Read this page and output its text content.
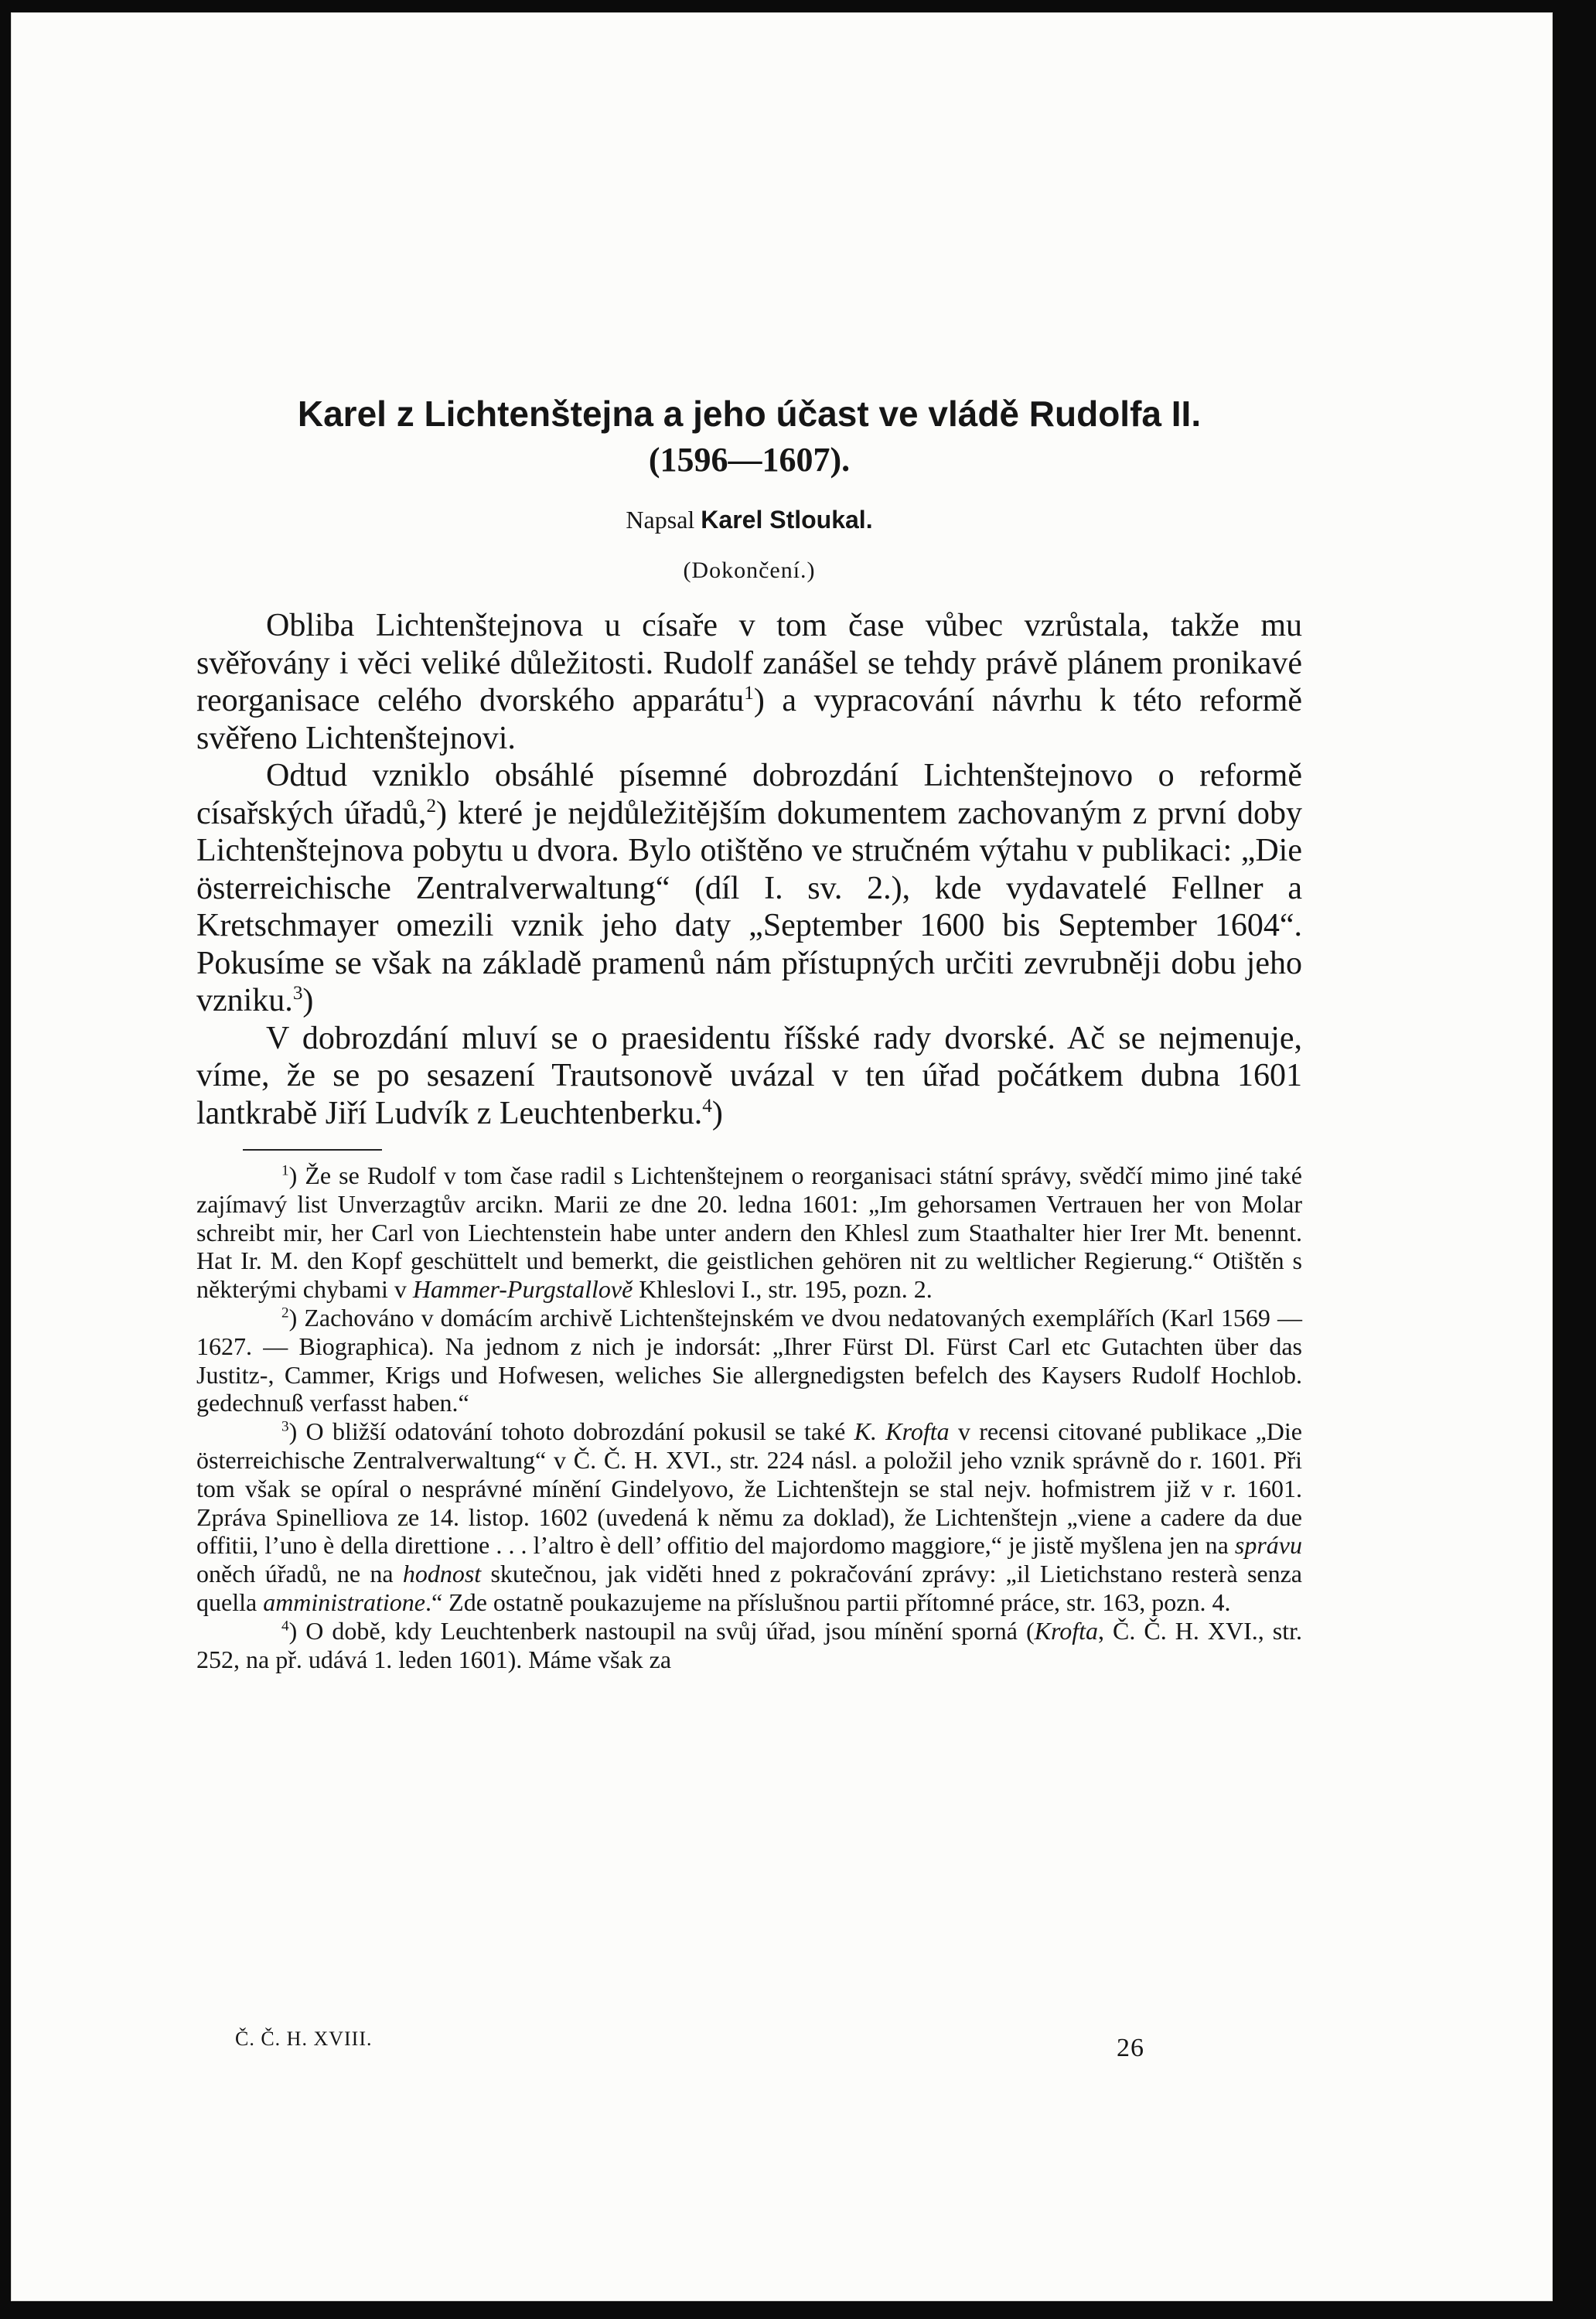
Karel z Lichtenštejna a jeho účast ve vládě Rudolfa II.
(1596—1607).
Napsal Karel Stloukal.
(Dokončení.)

Obliba Lichtenštejnova u císaře v tom čase vůbec vzrůstala, takže mu svěřovány i věci veliké důležitosti. Rudolf zanášel se tehdy právě plánem pronikavé reorganisace celého dvorského apparátu$^1$) a vypracování návrhu k této reformě svěřeno Lichtenštejnovi.

Odtud vzniklo obsáhlé písemné dobrozdání Lichtenštejnovo o reformě císařských úřadů,$^2$) které je nejdůležitějším dokumentem zachovaným z první doby Lichtenštejnova pobytu u dvora. Bylo otištěno ve stručném výtahu v publikaci: „Die österreichische Zentralverwaltung“ (díl I. sv. 2.), kde vydavatelé Fellner a Kretschmayer omezili vznik jeho daty „September 1600 bis September 1604“. Pokusíme se však na základě pramenů nám přístupných určiti zevrubněji dobu jeho vzniku.$^3$)

V dobrozdání mluví se o praesidentu říšské rady dvorské. Ač se nejmenuje, víme, že se po sesazení Trautsonově uvázal v ten úřad počátkem dubna 1601 lantkrabě Jiří Ludvík z Leuchtenberku.$^4$)

$^1$) Že se Rudolf v tom čase radil s Lichtenštejnem o reorganisaci státní správy, svědčí mimo jiné také zajímavý list Unverzagtův arcikn. Marii ze dne 20. ledna 1601: „Im gehorsamen Vertrauen her von Molar schreibt mir, her Carl von Liechtenstein habe unter andern den Khlesl zum Staathalter hier Irer Mt. benennt. Hat Ir. M. den Kopf geschüttelt und bemerkt, die geistlichen gehören nit zu weltlicher Regierung.“ Otištěn s některými chybami v Hammer-Purgstallově Khleslovi I., str. 195, pozn. 2.

$^2$) Zachováno v domácím archivě Lichtenštejnském ve dvou nedatovaných exemplářích (Karl 1569 — 1627. — Biographica). Na jednom z nich je indorsát: „Ihrer Fürst Dl. Fürst Carl etc Gutachten über das Justitz-, Cammer, Krigs und Hofwesen, weliches Sie allergnedigsten befelch des Kaysers Rudolf Hochlob. gedechnuß verfasst haben.“

$^3$) O bližší odatování tohoto dobrozdání pokusil se také K. Krofta v recensi citované publikace „Die österreichische Zentralverwaltung“ v Č. Č. H. XVI., str. 224 násl. a položil jeho vznik správně do r. 1601. Při tom však se opíral o nesprávné mínění Gindelyovo, že Lichtenštejn se stal nejv. hofmistrem již v r. 1601. Zpráva Spinelliova ze 14. listop. 1602 (uvedená k němu za doklad), že Lichtenštejn „viene a cadere da due offitii, l’uno è della direttione . . . l’altro è dell’ offitio del majordomo maggiore,“ je jistě myšlena jen na správu oněch úřadů, ne na hodnost skutečnou, jak viděti hned z pokračování zprávy: „il Lietichstano resterà senza quella amministratione.“ Zde ostatně poukazujeme na příslušnou partii přítomné práce, str. 163, pozn. 4.

$^4$) O době, kdy Leuchtenberk nastoupil na svůj úřad, jsou mínění sporná (Krofta, Č. Č. H. XVI., str. 252, na př. udává 1. leden 1601). Máme však za

Č. Č. H. XVIII.	26
